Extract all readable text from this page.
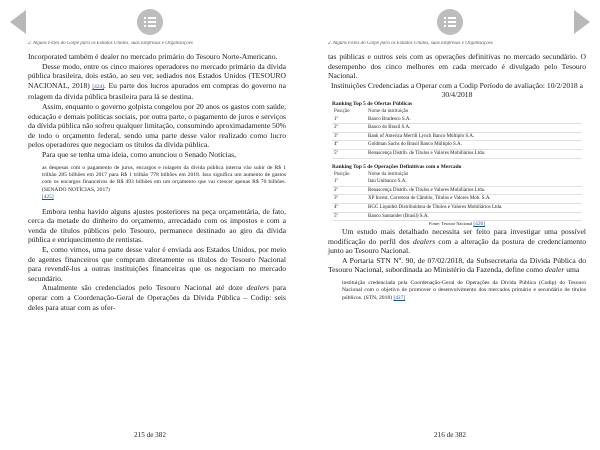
2. Alguns Fezes do Golpe para os Estados Unidos, suas Empresas e Organizações

Incorporated também é dealer no mercado primário do Tesouro Norte-Americano.

Desse modo, entre os cinco maiores operadores no mercado primário da dívida pública brasileira, dois estão, ao seu ver, sediados nos Estados Unidos (TESOURO NACIONAL, 2018) [424]. Eu parte dos lucros apurados em compras do governo na rolagem da dívida pública brasileira para lá se destina.

Assim, enquanto o governo golpista congelou por 20 anos os gastos com saúde, educação e demais políticas sociais, por outra parte, o pagamento de juros e serviços da dívida pública não sofreu qualquer limitação, consumindo aproximadamente 50% de todo o orçamento federal, sendo uma parte desse valor realizado como lucro pelos operadores que negociam os títulos da dívida pública.

Para que se tenha uma ideia, como anunciou o Senado Notícias,

as despesas com o pagamento de juros, encargos e rolagem da dívida pública interna vão subir de R$ 1 trilhão 285 bilhões em 2017 para R$ 1 trilhão 778 bilhões em 2018. Isso significa um aumento de gastos com os encargos financeiros de R$ 493 bilhões em um orçamento que vai crescer apenas R$ 70 bilhões. (SENADO NOTÍCIAS, 2017)
[425]

Embora tenha havido alguns ajustes posteriores na peça orçamentária, de fato, cerca da metade do dinheiro do orçamento, arrecadado com os impostos e com a venda de títulos públicos pelo Tesouro, permanece destinado ao giro da dívida pública e enriquecimento de rentistas.

E, como vimos, uma parte desse valor é enviada aos Estados Unidos, por meio de agentes financeiros que compram diretamente os títulos do Tesouro Nacional para revendê-los a outras instituições financeiras que os negociam no mercado secundário.

Atualmente são credenciados pelo Tesouro Nacional até doze dealers para operar com a Coordenação-Geral de Operações da Dívida Pública – Codip: seis deles para atuar com as ofer-

215 de 382
2. Alguns Fezes do Golpe para os Estados Unidos, suas Empresas e Organizações

tas públicas e outros seis com as operações definitivas no mercado secundário. O desempenho dos cinco melhores em cada mercado é divulgado pelo Tesouro Nacional.

Instituições Credenciadas a Operar com a Codip Período de avaliação: 10/2/2018 a 30/4/2018

Ranking Top 5 de Ofertas Públicas
Posição	Nome da instituição
1º	Banco Bradesco S.A.
2º	Banco do Brasil S.A.
3º	Bank of America Merrill Lynch Banco Múltiplo S.A.
4º	Goldman Sachs do Brasil Banco Múltiplo S.A.
5º	Renascença Distrib. de Títulos e Valores Mobiliários Ltda.
Ranking Top 5 de Operações Definitivas com o Mercado
Posição	Nome da instituição
1º	Itaú Unibanco S.A.
2º	Renascença Distrib. de Títulos e Valores Mobiliários Ltda.
3º	XP Invest. Corretora de Câmbio, Títulos e Valores Mob. S.A.
4º	BGC Liquidez Distribuidora de Títulos e Valores Mobiliários Ltda.
5º	Banco Santander (Brasil) S.A.

Fonte: Tesouro Nacional [426]

Um estudo mais detalhado necessita ser feito para investigar uma possível modificação do perfil dos dealers com a alteração da postura de credenciamento junto ao Tesouro Nacional.

A Portaria STN Nº. 90, de 07/02/2018, da Subsecretaria da Dívida Pública do Tesouro Nacional, subordinada ao Ministério da Fazenda, define como dealer uma

instituição credenciada pela Coordenação-Geral de Operações da Dívida Pública (Codip) do Tesouro Nacional com o objetivo de promover o desenvolvimento dos mercados primário e secundário de títulos públicos. (STN, 2018) [427]

216 de 382
